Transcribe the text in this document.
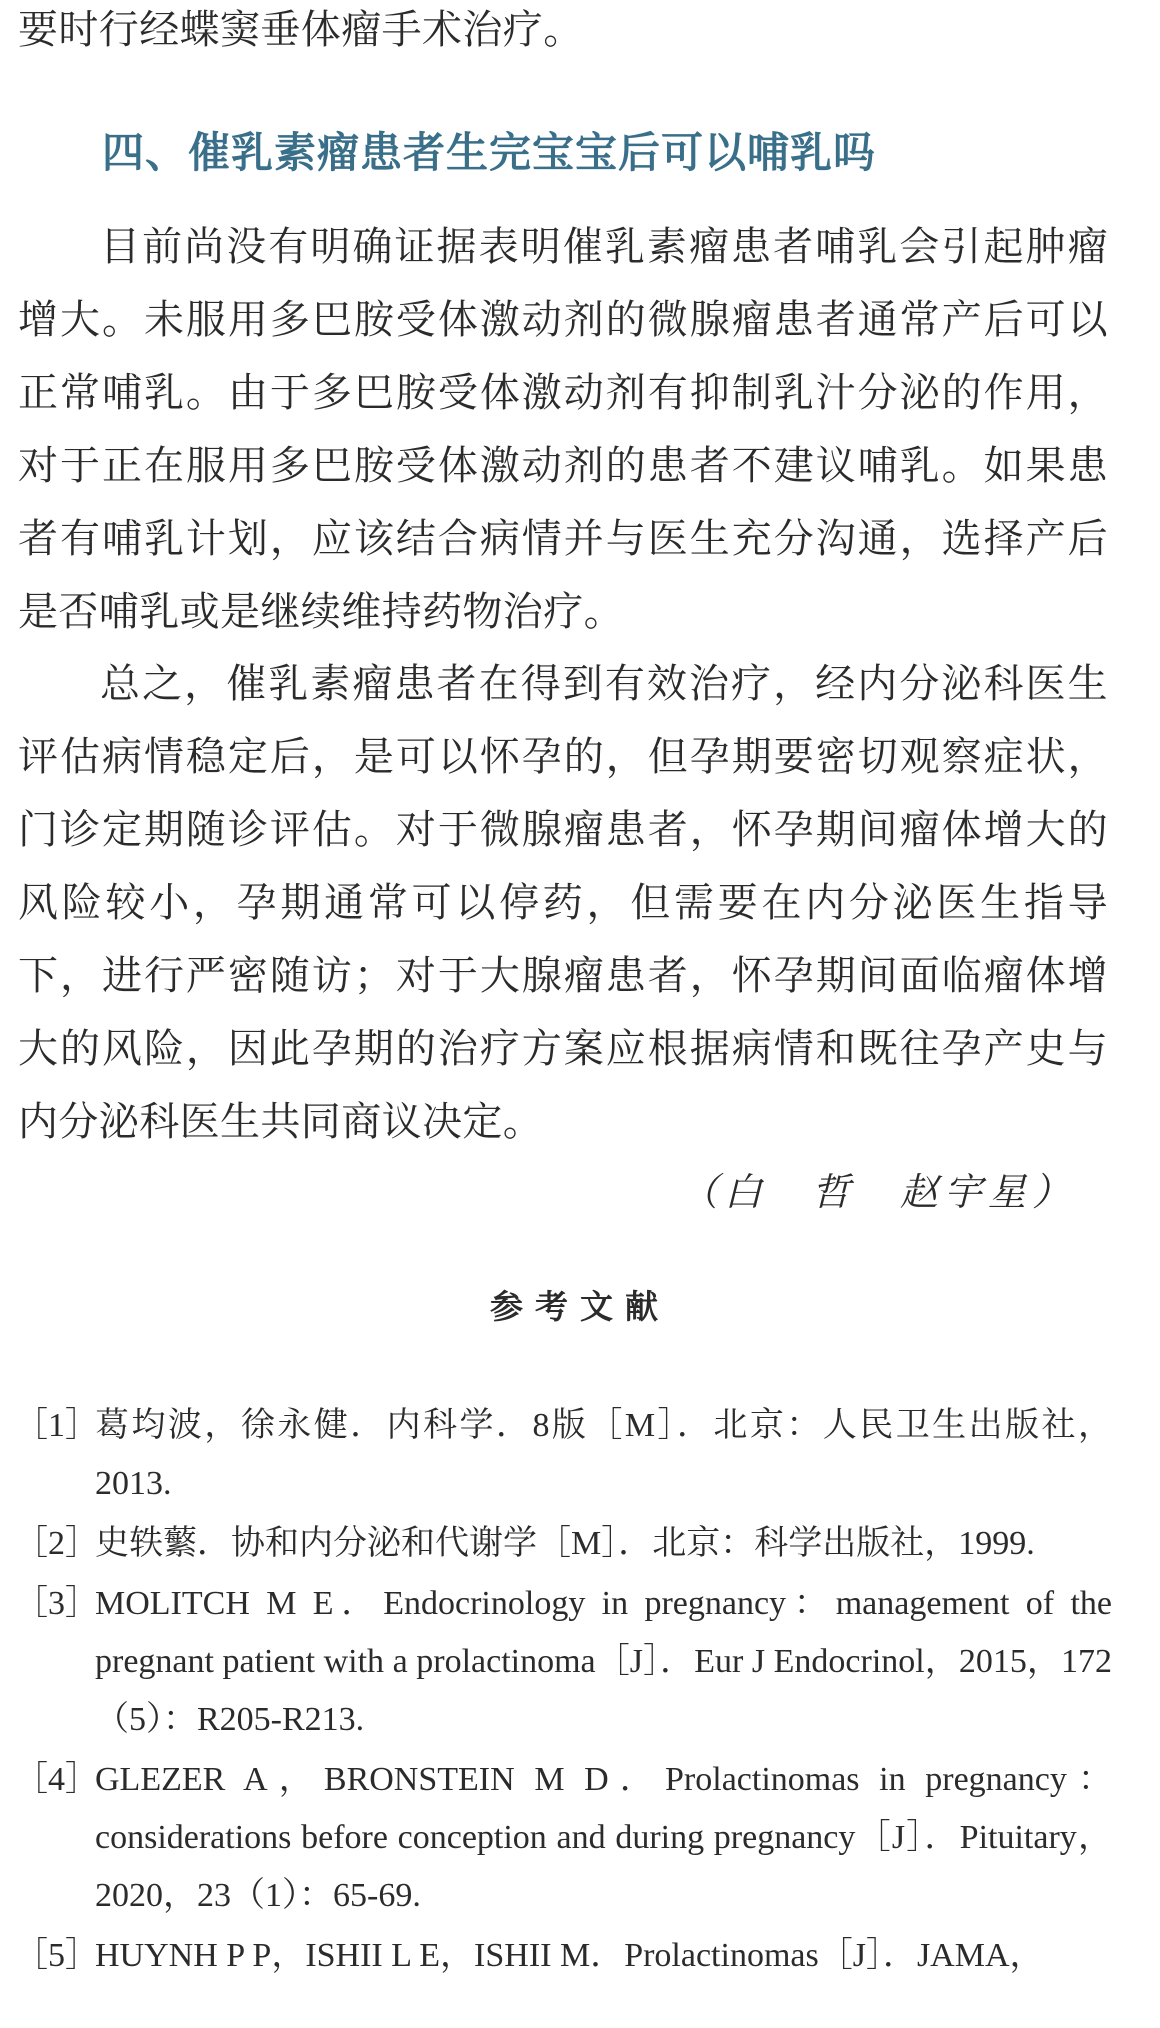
要时行经蝶窦垂体瘤手术治疗。

四、催乳素瘤患者生完宝宝后可以哺乳吗

目前尚没有明确证据表明催乳素瘤患者哺乳会引起肿瘤增大。未服用多巴胺受体激动剂的微腺瘤患者通常产后可以正常哺乳。由于多巴胺受体激动剂有抑制乳汁分泌的作用，对于正在服用多巴胺受体激动剂的患者不建议哺乳。如果患者有哺乳计划，应该结合病情并与医生充分沟通，选择产后是否哺乳或是继续维持药物治疗。

总之，催乳素瘤患者在得到有效治疗，经内分泌科医生评估病情稳定后，是可以怀孕的，但孕期要密切观察症状，门诊定期随诊评估。对于微腺瘤患者，怀孕期间瘤体增大的风险较小，孕期通常可以停药，但需要在内分泌医生指导下，进行严密随访；对于大腺瘤患者，怀孕期间面临瘤体增大的风险，因此孕期的治疗方案应根据病情和既往孕产史与内分泌科医生共同商议决定。

（白　哲　赵宇星）

参考文献
［1］
葛均波，徐永健．内科学．8版［M］．北京：人民卫生出版社，2013.
［2］
史轶蘩．协和内分泌和代谢学［M］．北京：科学出版社，1999.
［3］
MOLITCH M E．Endocrinology in pregnancy：management of the pregnant patient with a prolactinoma［J］．Eur J Endocrinol，2015，172（5）：R205-R213.
［4］
GLEZER A，BRONSTEIN M D．Prolactinomas in pregnancy：considerations before conception and during pregnancy［J］．Pituitary，2020，23（1）：65-69.
［5］
HUYNH P P，ISHII L E，ISHII M．Prolactinomas［J］．JAMA，
